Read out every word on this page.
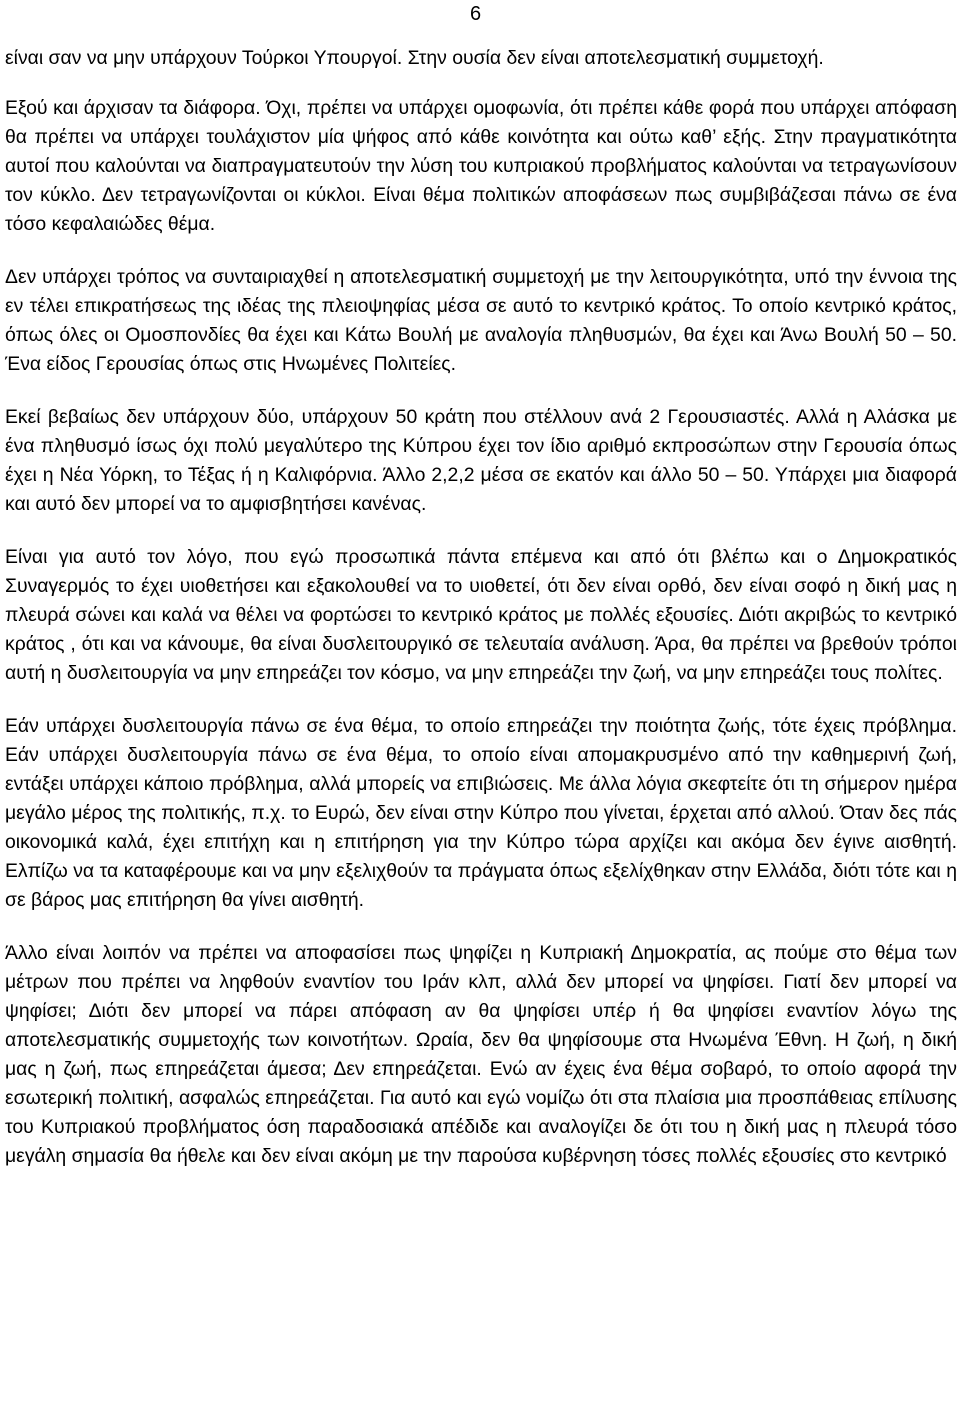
6

είναι σαν να μην υπάρχουν Τούρκοι Υπουργοί. Στην ουσία δεν είναι αποτελεσματική συμμετοχή.

Εξού και άρχισαν τα διάφορα. Όχι, πρέπει να υπάρχει ομοφωνία, ότι πρέπει κάθε φορά που υπάρχει απόφαση θα πρέπει να υπάρχει τουλάχιστον μία ψήφος από κάθε κοινότητα και ούτω καθ’ εξής. Στην πραγματικότητα αυτοί που καλούνται να διαπραγματευτούν την λύση του κυπριακού προβλήματος καλούνται να τετραγωνίσουν τον κύκλο. Δεν τετραγωνίζονται οι κύκλοι. Είναι θέμα πολιτικών αποφάσεων πως συμβιβάζεσαι πάνω σε ένα τόσο κεφαλαιώδες θέμα.

Δεν υπάρχει τρόπος να συνταιριαχθεί η αποτελεσματική συμμετοχή με την λειτουργικότητα, υπό την έννοια της εν τέλει επικρατήσεως της ιδέας της πλειοψηφίας μέσα σε αυτό το κεντρικό κράτος. Το οποίο κεντρικό κράτος, όπως όλες οι Ομοσπονδίες θα έχει και Κάτω Βουλή με αναλογία πληθυσμών, θα έχει και Άνω Βουλή 50 – 50. Ένα είδος Γερουσίας όπως στις Ηνωμένες Πολιτείες.

Εκεί βεβαίως δεν υπάρχουν δύο, υπάρχουν 50 κράτη που στέλλουν ανά 2 Γερουσιαστές. Αλλά η Αλάσκα με ένα πληθυσμό ίσως όχι πολύ μεγαλύτερο της Κύπρου έχει τον ίδιο αριθμό εκπροσώπων στην Γερουσία όπως έχει η Νέα Υόρκη, το Τέξας ή η Καλιφόρνια. Άλλο 2,2,2 μέσα σε εκατόν και άλλο 50 – 50. Υπάρχει μια διαφορά και αυτό δεν μπορεί να το αμφισβητήσει κανένας.

Είναι για αυτό τον λόγο, που εγώ προσωπικά πάντα επέμενα και από ότι βλέπω και ο Δημοκρατικός Συναγερμός το έχει υιοθετήσει και εξακολουθεί να το υιοθετεί, ότι δεν είναι ορθό, δεν είναι σοφό η δική μας η πλευρά σώνει και καλά να θέλει να φορτώσει το κεντρικό κράτος με πολλές εξουσίες. Διότι ακριβώς το κεντρικό κράτος , ότι και να κάνουμε, θα είναι δυσλειτουργικό σε τελευταία ανάλυση. Άρα, θα πρέπει να βρεθούν τρόποι αυτή η δυσλειτουργία να μην επηρεάζει τον κόσμο, να μην επηρεάζει την ζωή, να μην επηρεάζει τους πολίτες.

Εάν υπάρχει δυσλειτουργία πάνω σε ένα θέμα, το οποίο επηρεάζει την ποιότητα ζωής, τότε έχεις πρόβλημα. Εάν υπάρχει δυσλειτουργία πάνω σε ένα θέμα, το οποίο είναι απομακρυσμένο από την καθημερινή ζωή, εντάξει υπάρχει κάποιο πρόβλημα, αλλά μπορείς να επιβιώσεις. Με άλλα λόγια σκεφτείτε ότι τη σήμερον ημέρα μεγάλο μέρος της πολιτικής, π.χ. το Ευρώ, δεν είναι στην Κύπρο που γίνεται, έρχεται από αλλού. Όταν δες πάς οικονομικά καλά, έχει επιτήχη και η επιτήρηση για την Κύπρο τώρα αρχίζει και ακόμα δεν έγινε αισθητή. Ελπίζω να τα καταφέρουμε και να μην εξελιχθούν τα πράγματα όπως εξελίχθηκαν στην Ελλάδα, διότι τότε και η σε βάρος μας επιτήρηση θα γίνει αισθητή.

Άλλο είναι λοιπόν να πρέπει να αποφασίσει πως ψηφίζει η Κυπριακή Δημοκρατία, ας πούμε στο θέμα των μέτρων που πρέπει να ληφθούν εναντίον του Ιράν κλπ, αλλά δεν μπορεί να ψηφίσει. Γιατί δεν μπορεί να ψηφίσει; Διότι δεν μπορεί να πάρει απόφαση αν θα ψηφίσει υπέρ ή θα ψηφίσει εναντίον λόγω της αποτελεσματικής συμμετοχής των κοινοτήτων. Ωραία, δεν θα ψηφίσουμε στα Ηνωμένα Έθνη. Η ζωή, η δική μας η ζωή, πως επηρεάζεται άμεσα; Δεν επηρεάζεται. Ενώ αν έχεις ένα θέμα σοβαρό, το οποίο αφορά την εσωτερική πολιτική, ασφαλώς επηρεάζεται. Για αυτό και εγώ νομίζω ότι στα πλαίσια μια προσπάθειας επίλυσης του Κυπριακού προβλήματος όση παραδοσιακά απέδιδε και αναλογίζει δε ότι του η δική μας η πλευρά τόσο μεγάλη σημασία θα ήθελε και δεν είναι ακόμη με την παρούσα κυβέρνηση τόσες πολλές εξουσίες στο κεντρικό
